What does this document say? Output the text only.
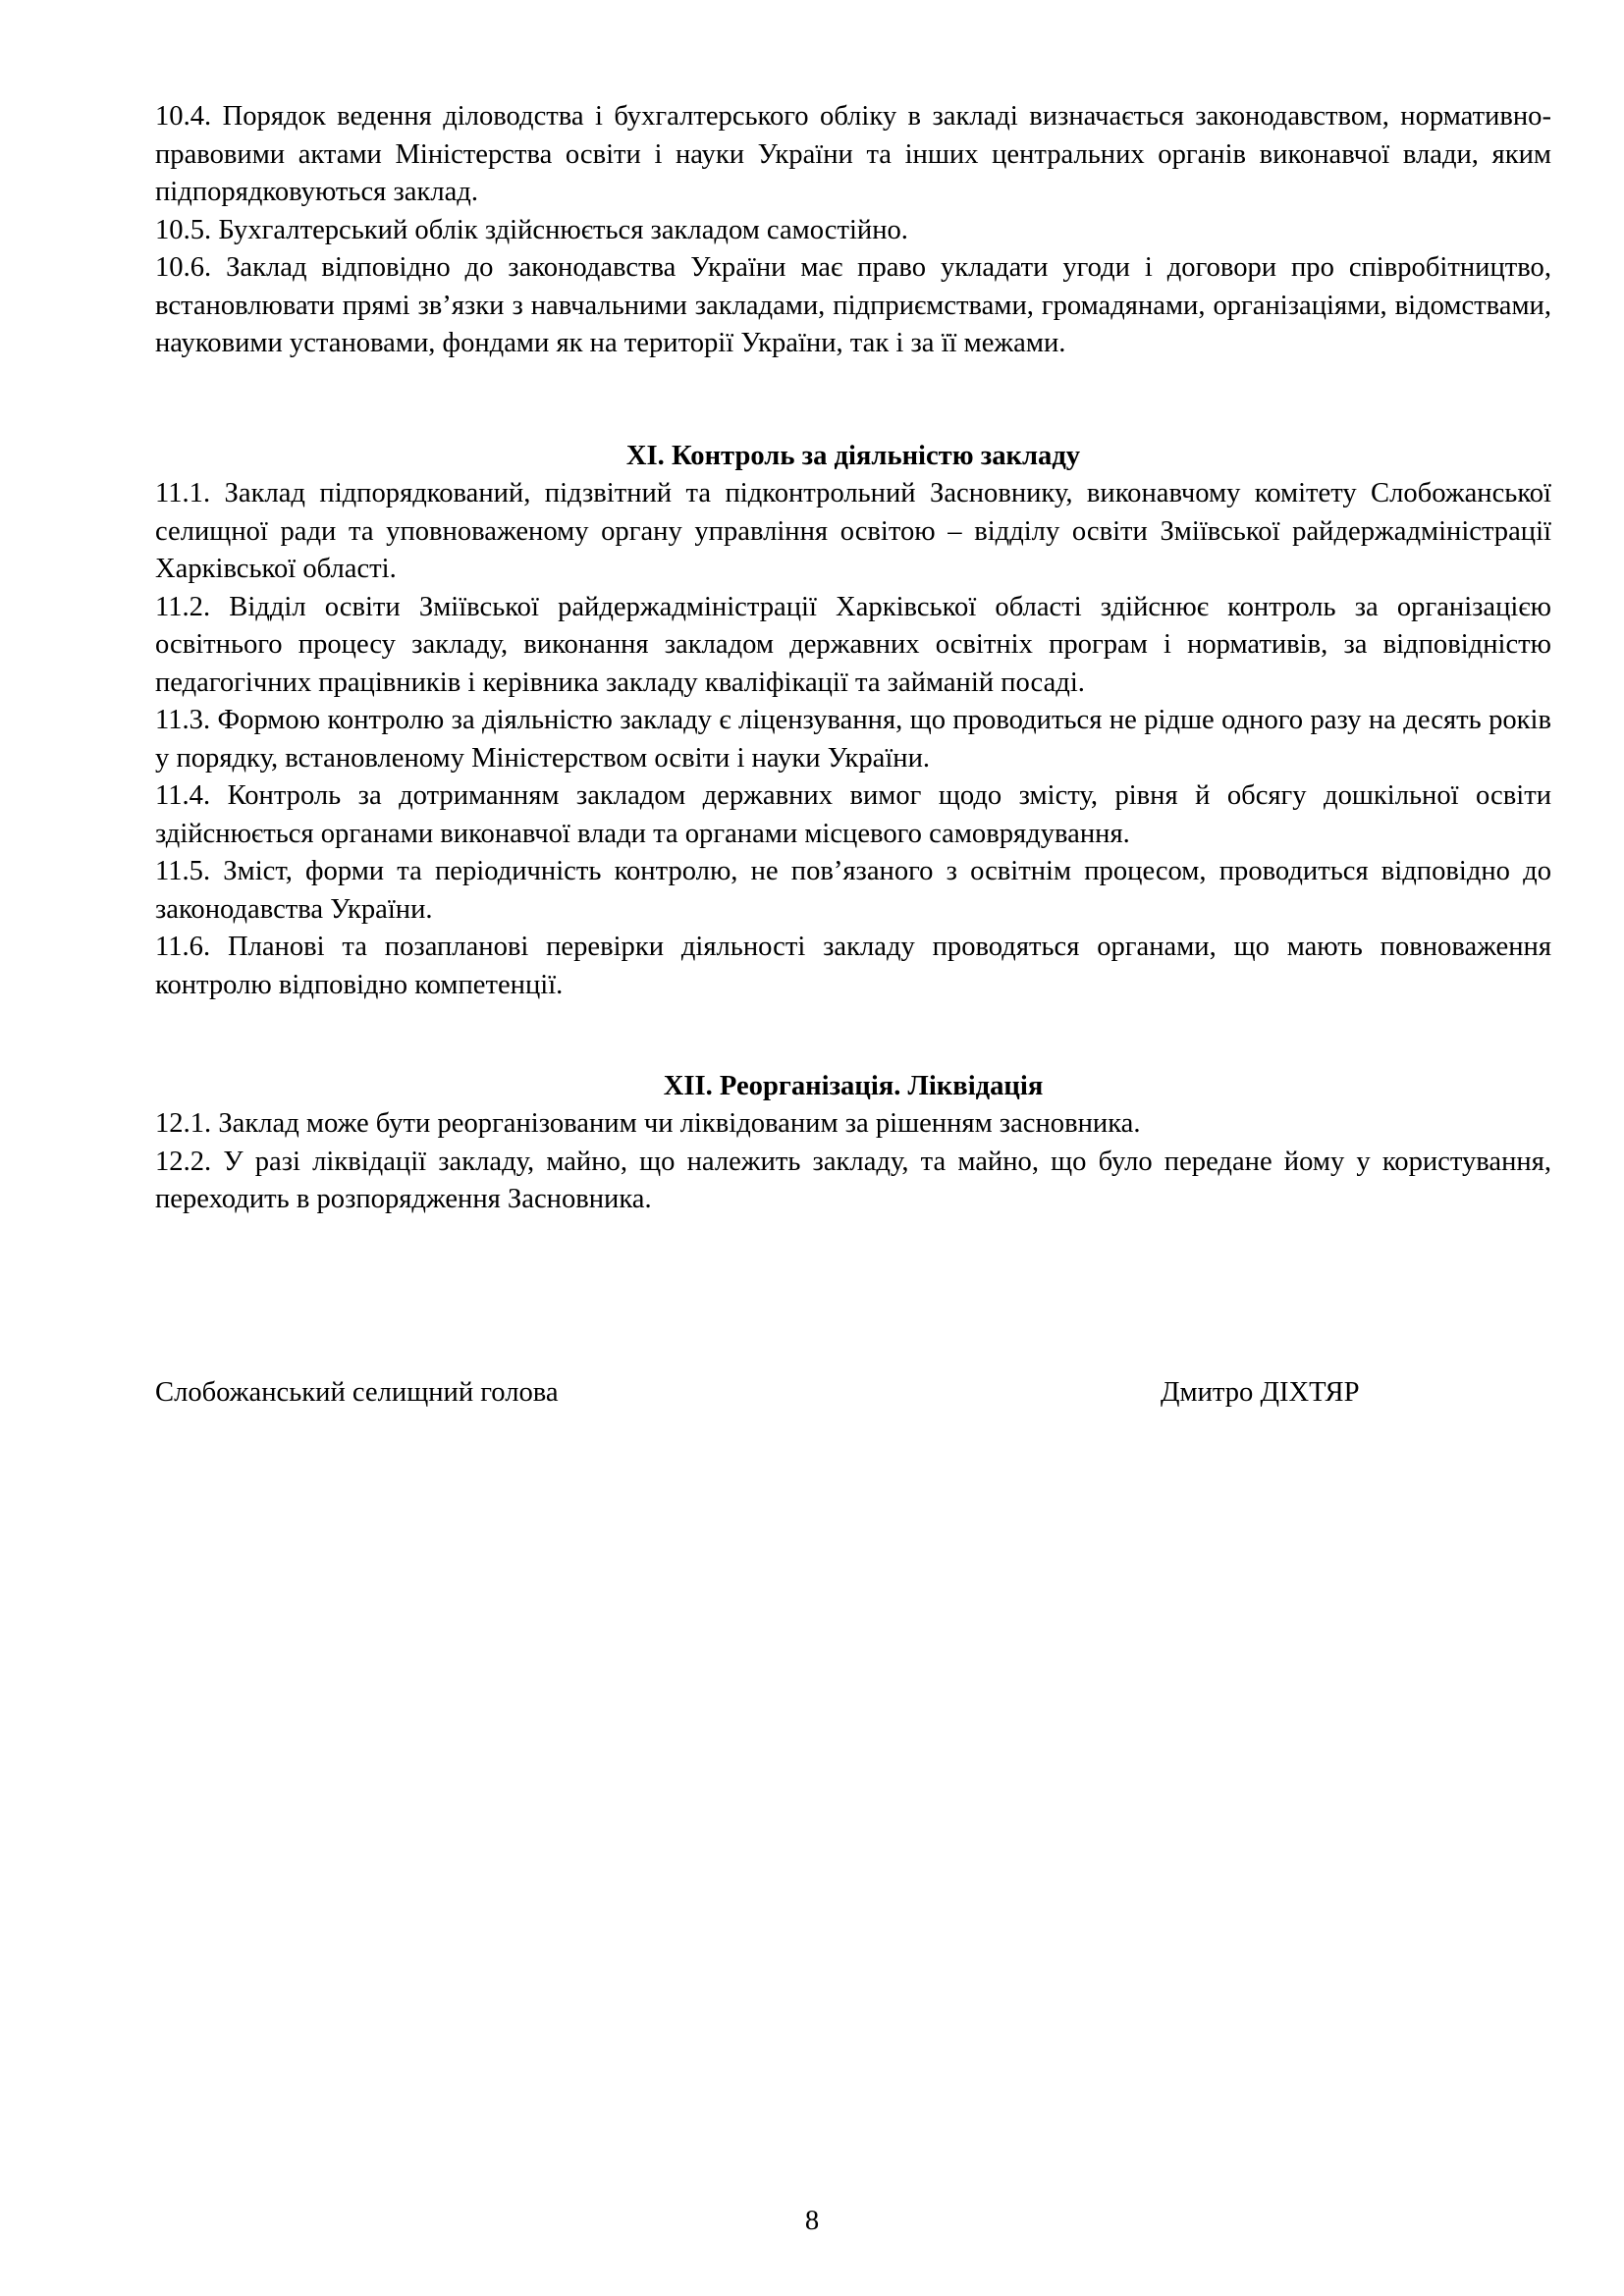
10.4. Порядок ведення діловодства і бухгалтерського обліку в закладі визначається законодавством, нормативно-правовими актами Міністерства освіти і науки України та інших центральних органів виконавчої влади, яким підпорядковуються заклад.

10.5. Бухгалтерський облік здійснюється закладом самостійно.

10.6. Заклад відповідно до законодавства України має право укладати угоди і договори про співробітництво, встановлювати прямі зв’язки з навчальними закладами, підприємствами, громадянами, організаціями, відомствами, науковими установами, фондами як на території України, так і за її межами.

XI. Контроль за діяльністю закладу

11.1. Заклад підпорядкований, підзвітний та підконтрольний Засновнику, виконавчому комітету Слобожанської селищної ради та уповноваженому органу управління освітою – відділу освіти Зміївської райдержадміністрації Харківської області.

11.2. Відділ освіти Зміївської райдержадміністрації Харківської області здійснює контроль за організацією освітнього процесу закладу, виконання закладом державних освітніх програм і нормативів, за відповідністю педагогічних працівників і керівника закладу кваліфікації та займаній посаді.

11.3. Формою контролю за діяльністю закладу є ліцензування, що проводиться не рідше одного разу на десять років у порядку, встановленому Міністерством освіти і науки України.

11.4. Контроль за дотриманням закладом державних вимог щодо змісту, рівня й обсягу дошкільної освіти здійснюється органами виконавчої влади та органами місцевого самоврядування.

11.5. Зміст, форми та періодичність контролю, не пов’язаного з освітнім процесом, проводиться відповідно до законодавства України.

11.6. Планові та позапланові перевірки діяльності закладу проводяться органами, що мають повноваження контролю відповідно компетенції.

XII. Реорганізація. Ліквідація

12.1. Заклад може бути реорганізованим чи ліквідованим за рішенням засновника.

12.2. У разі ліквідації закладу, майно, що належить закладу, та майно, що було передане йому у користування, переходить в розпорядження Засновника.

Слобожанський селищний голова	Дмитро ДІХТЯР
8
